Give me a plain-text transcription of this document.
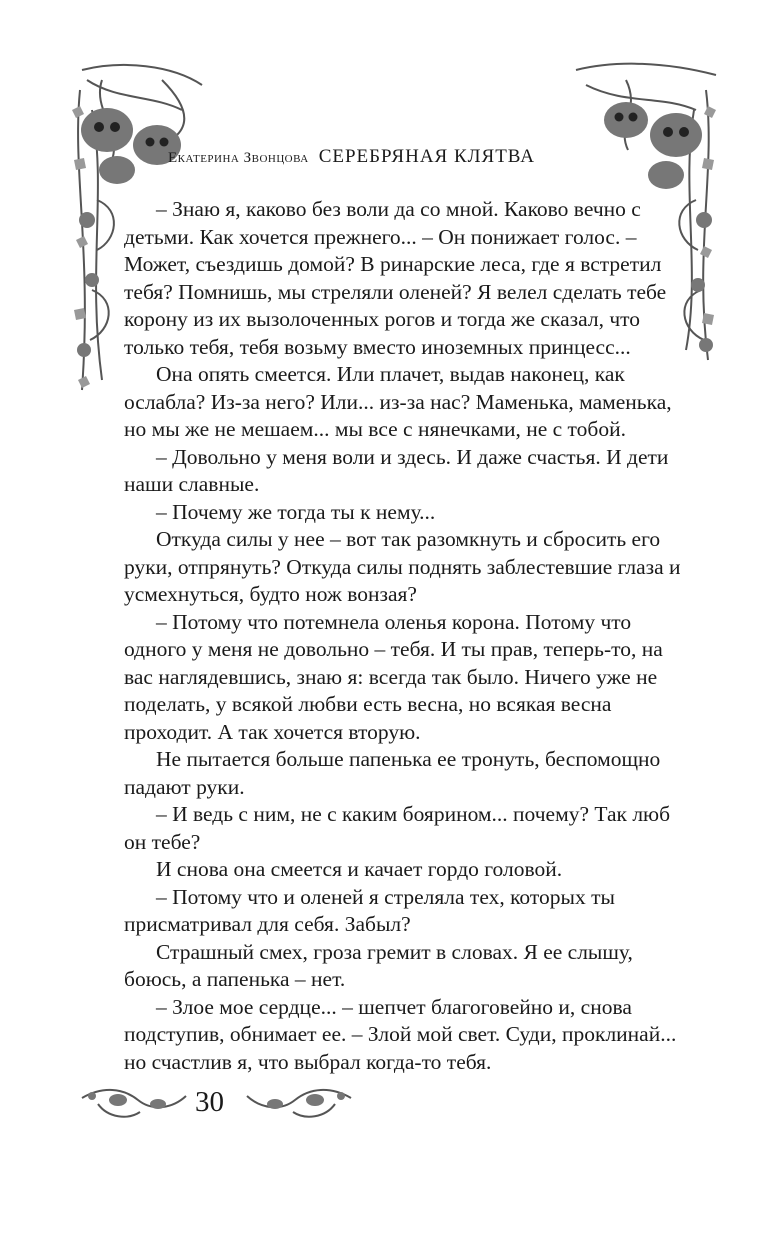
Екатерина Звонцова СЕРЕБРЯНАЯ КЛЯТВА

– Знаю я, каково без воли да со мной. Каково вечно с детьми. Как хочется прежнего... – Он понижает голос. – Может, съездишь домой? В ринарские леса, где я встретил тебя? Помнишь, мы стреляли оленей? Я велел сделать тебе корону из их вызолоченных рогов и тогда же сказал, что только тебя, тебя возьму вместо иноземных принцесс...

Она опять смеется. Или плачет, выдав наконец, как ослабла? Из-за него? Или... из-за нас? Маменька, маменька, но мы же не мешаем... мы все с нянечками, не с тобой.

– Довольно у меня воли и здесь. И даже счастья. И дети наши славные.

– Почему же тогда ты к нему...

Откуда силы у нее – вот так разомкнуть и сбросить его руки, отпрянуть? Откуда силы поднять заблестевшие глаза и усмехнуться, будто нож вонзая?

– Потому что потемнела оленья корона. Потому что одного у меня не довольно – тебя. И ты прав, теперь-то, на вас наглядевшись, знаю я: всегда так было. Ничего уже не поделать, у всякой любви есть весна, но всякая весна проходит. А так хочется вторую.

Не пытается больше папенька ее тронуть, беспомощно падают руки.

– И ведь с ним, не с каким боярином... почему? Так люб он тебе?

И снова она смеется и качает гордо головой.

– Потому что и оленей я стреляла тех, которых ты присматривал для себя. Забыл?

Страшный смех, гроза гремит в словах. Я ее слышу, боюсь, а папенька – нет.

– Злое мое сердце... – шепчет благоговейно и, снова подступив, обнимает ее. – Злой мой свет. Суди, проклинай... но счастлив я, что выбрал когда-то тебя.

30
